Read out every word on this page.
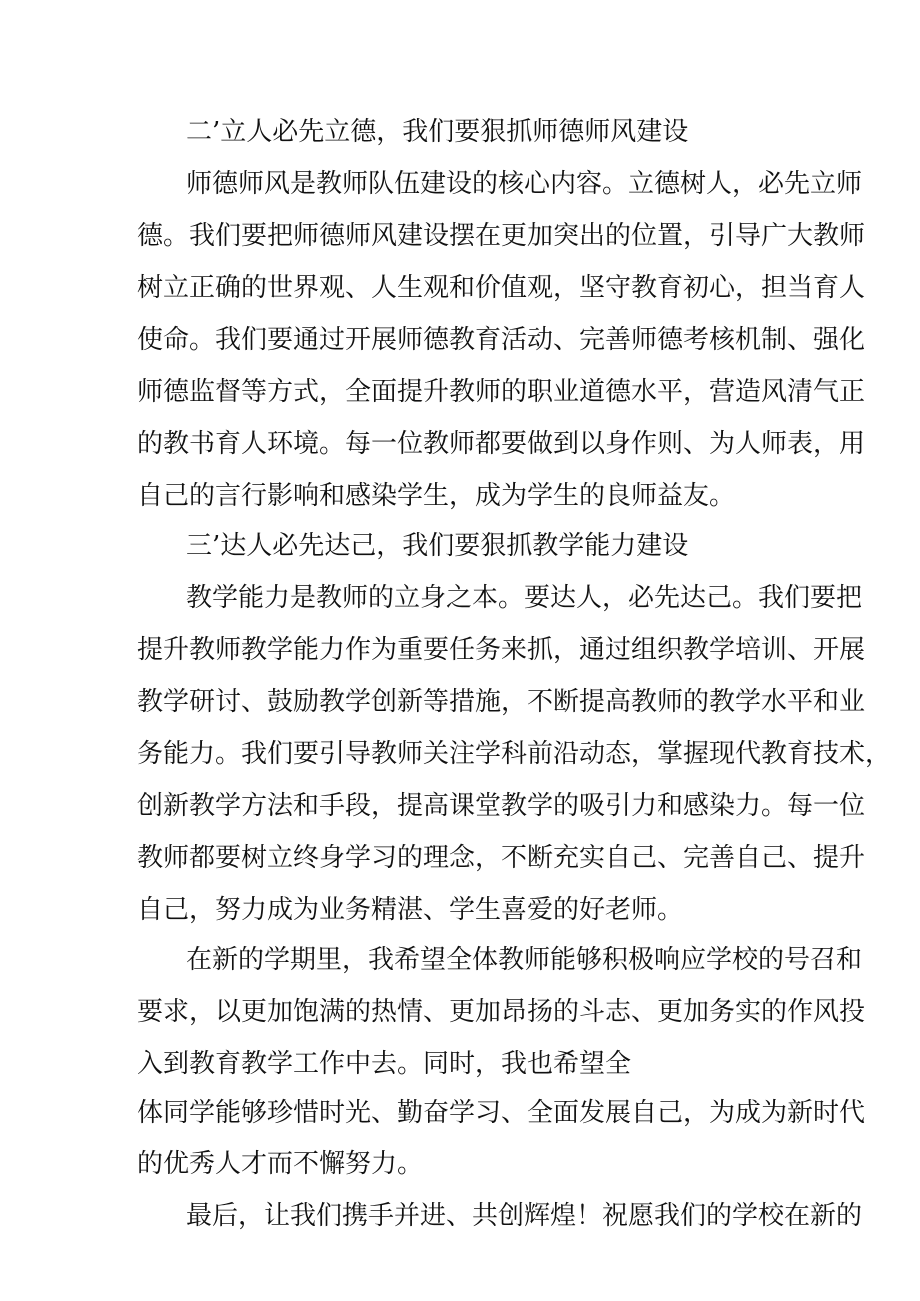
二’立人必先立德，我们要狠抓师德师风建设

师德师风是教师队伍建设的核心内容。立德树人，必先立师

德。我们要把师德师风建设摆在更加突出的位置，引导广大教师

树立正确的世界观、人生观和价值观，坚守教育初心，担当育人

使命。我们要通过开展师德教育活动、完善师德考核机制、强化

师德监督等方式，全面提升教师的职业道德水平，营造风清气正

的教书育人环境。每一位教师都要做到以身作则、为人师表，用

自己的言行影响和感染学生，成为学生的良师益友。

三’达人必先达己，我们要狠抓教学能力建设

教学能力是教师的立身之本。要达人，必先达己。我们要把

提升教师教学能力作为重要任务来抓，通过组织教学培训、开展

教学研讨、鼓励教学创新等措施，不断提高教师的教学水平和业

务能力。我们要引导教师关注学科前沿动态，掌握现代教育技术，

创新教学方法和手段，提高课堂教学的吸引力和感染力。每一位

教师都要树立终身学习的理念，不断充实自己、完善自己、提升

自己，努力成为业务精湛、学生喜爱的好老师。

在新的学期里，我希望全体教师能够积极响应学校的号召和

要求，以更加饱满的热情、更加昂扬的斗志、更加务实的作风投

入到教育教学工作中去。同时，我也希望全

体同学能够珍惜时光、勤奋学习、全面发展自己，为成为新时代

的优秀人才而不懈努力。

最后，让我们携手并进、共创辉煌！祝愿我们的学校在新的
